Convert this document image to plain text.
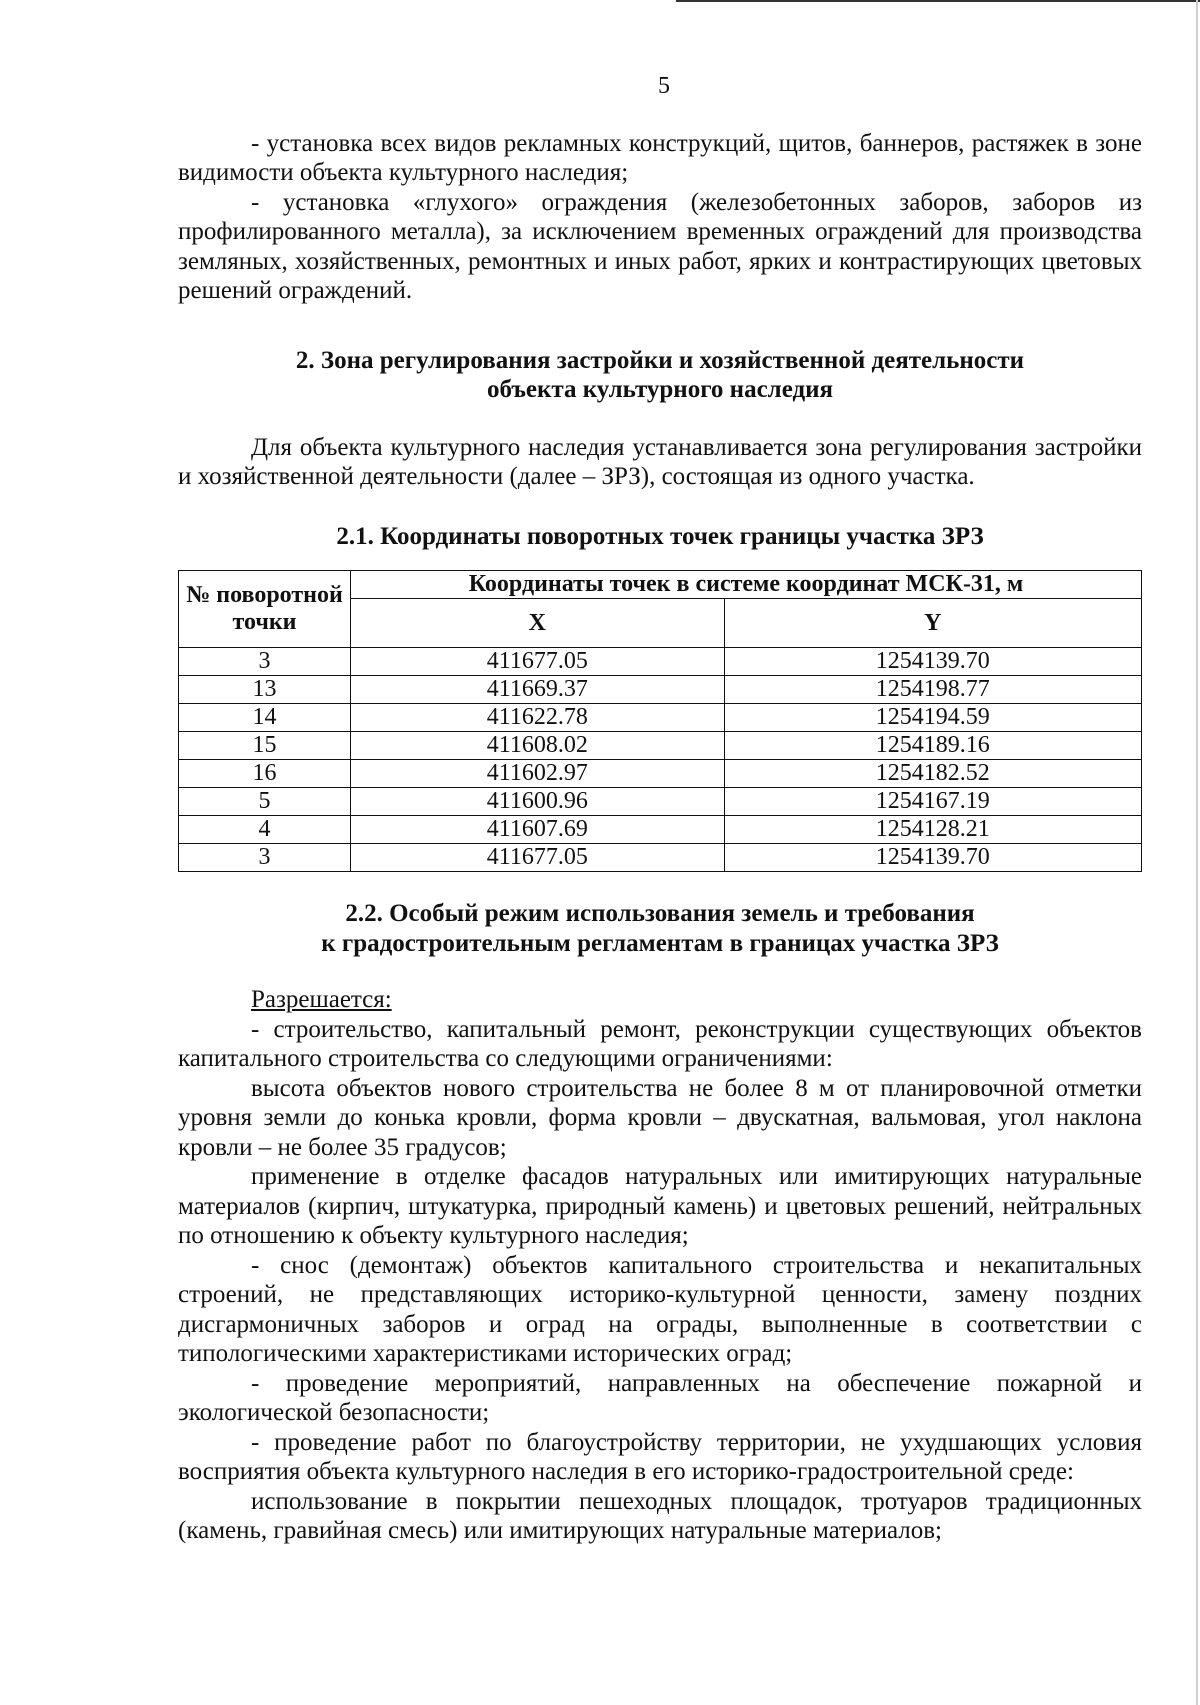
5

- установка всех видов рекламных конструкций, щитов, баннеров, растяжек в зоне видимости объекта культурного наследия;

- установка «глухого» ограждения (железобетонных заборов, заборов из профилированного металла), за исключением временных ограждений для производства земляных, хозяйственных, ремонтных и иных работ, ярких и контрастирующих цветовых решений ограждений.

2. Зона регулирования застройки и хозяйственной деятельности
объекта культурного наследия

Для объекта культурного наследия устанавливается зона регулирования застройки и хозяйственной деятельности (далее – ЗРЗ), состоящая из одного участка.

2.1. Координаты поворотных точек границы участка ЗРЗ
№ поворотной точки	Координаты точек в системе координат МСК-31, м	
	X	Y
3	411677.05	1254139.70
13	411669.37	1254198.77
14	411622.78	1254194.59
15	411608.02	1254189.16
16	411602.97	1254182.52
5	411600.96	1254167.19
4	411607.69	1254128.21
3	411677.05	1254139.70
2.2. Особый режим использования земель и требования
к градостроительным регламентам в границах участка ЗРЗ

Разрешается:

- строительство, капитальный ремонт, реконструкции существующих объектов капитального строительства со следующими ограничениями:

высота объектов нового строительства не более 8 м от планировочной отметки уровня земли до конька кровли, форма кровли – двускатная, вальмовая, угол наклона кровли – не более 35 градусов;

применение в отделке фасадов натуральных или имитирующих натуральные материалов (кирпич, штукатурка, природный камень) и цветовых решений, нейтральных по отношению к объекту культурного наследия;

- снос (демонтаж) объектов капитального строительства и некапитальных строений, не представляющих историко-культурной ценности, замену поздних дисгармоничных заборов и оград на ограды, выполненные в соответствии с типологическими характеристиками исторических оград;

- проведение мероприятий, направленных на обеспечение пожарной и экологической безопасности;

- проведение работ по благоустройству территории, не ухудшающих условия восприятия объекта культурного наследия в его историко-градостроительной среде:

использование в покрытии пешеходных площадок, тротуаров традиционных (камень, гравийная смесь) или имитирующих натуральные материалов;
